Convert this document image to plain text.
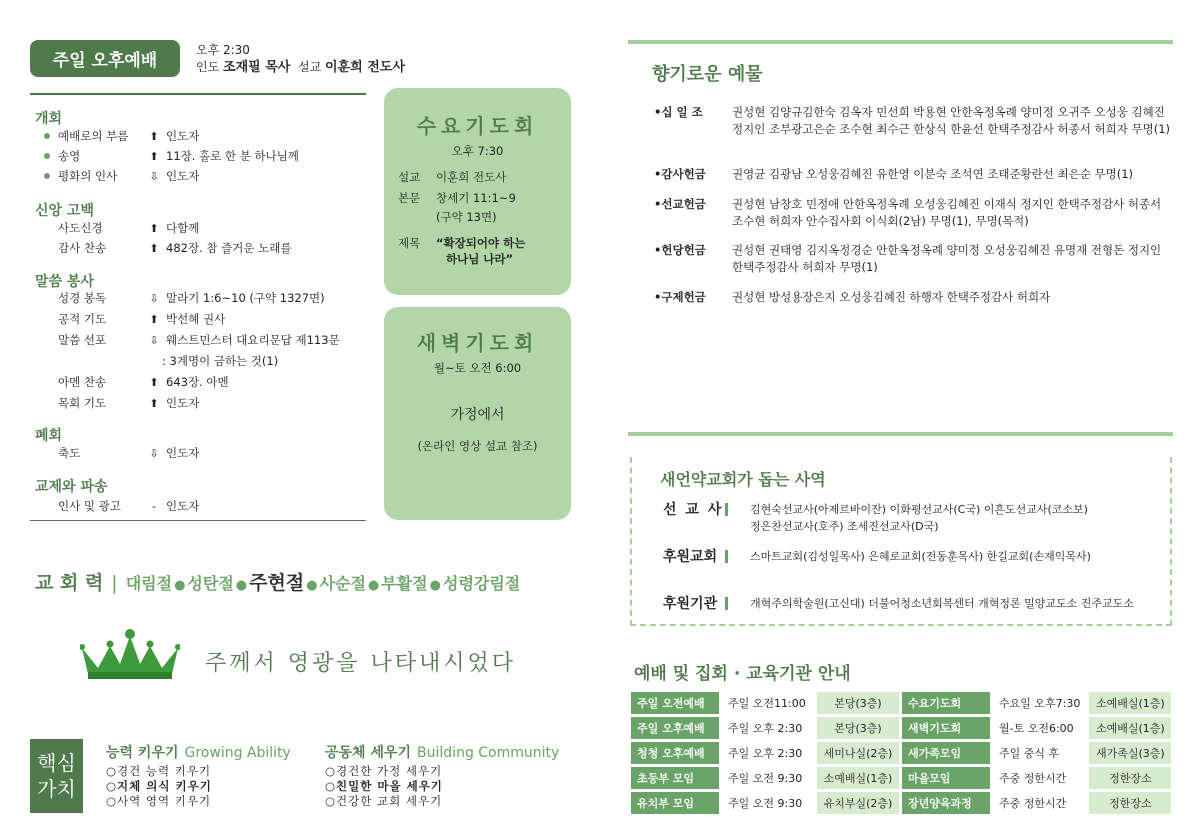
주일 오후예배
오후 2:30
인도 조재필 목사 설교 이훈희 전도사
개회
예배로의 부름	⬆ 인도자
송영	⬆ 11장. 홀로 한 분 하나님께
평화의 인사	⇩ 인도자
신앙 고백
사도신경	⬆ 다함께
감사 찬송	⬆ 482장. 참 즐거운 노래를
말씀 봉사
성경 봉독	⇩ 말라기 1:6~10 (구약 1327면)
공적 기도	⬆ 박선혜 권사
말씀 선포	⇩ 웨스트민스터 대요리문답 제113문
: 3계명이 금하는 것(1)
아멘 찬송	⬆ 643장. 아멘
목회 기도	⬆ 인도자
폐회
축도	⇩ 인도자
교제와 파송
인사 및 광고	- 인도자
수요기도회
오후 7:30
설교 이훈희 전도사
본문 창세기 11:1~9
(구약 13면)
제목 “확장되어야 하는
하나님 나라”
새벽기도회
월~토 오전 6:00
가정에서
(온라인 영상 설교 참조)
향기로운 예물
•십 일 조	권성현 김양규김한숙 김옥자 민선희 박용현 안한옥정옥례 양미정 오귀주 오성웅 김혜진 정지인 조부광고은순 조수현 최수근 한상식 한윤선 한택주정감사 허종서 허희자 무명(1)
•감사헌금	권영균 김광남 오성웅김혜진 유한영 이분숙 조석연 조태준황란선 최은순 무명(1)
•선교헌금	권성현 남창호 민정애 안한옥정옥례 오성웅김혜진 이재식 정지인 한택주정감사 허종서 조수현 허희자 안수집사회 이식회(2남) 무명(1), 무명(목적)
•헌당헌금	권성현 권태영 김지옥정경순 안한옥정옥례 양미정 오성웅김혜진 유명재 전형돈 정지인 한택주정감사 허희자 무명(1)
•구제헌금	권성현 방성용장은지 오성웅김혜진 하행자 한택주정감사 허희자
새언약교회가 돕는 사역
선 교 사 김현숙선교사(아제르바이잔) 이화평선교사(C국) 이흔도선교사(코소보)
정은찬선교사(호주) 조세진선교사(D국)
후원교회	스마트교회(김성일목사) 은혜로교회(전동훈목사) 한길교회(손재익목사)
후원기관	개혁주의학술원(고신대) 더불어청소년회복센터 개혁정론 밀양교도소 진주교도소
예배 및 집회 · 교육기관 안내
주일 오전예배	주일 오전11:00	본당(3층)	수요기도회	수요일 오후7:30	소예배실(1층)
주일 오후예배	주일 오후 2:30	본당(3층)	새벽기도회	월-토 오전6:00	소예배실(1층)
청청 오후예배	주일 오후 2:30	세미나실(2층)	새가족모임	주일 중식 후	새가족실(3층)
초등부 모임	주일 오전 9:30	소예배실(1층)	마을모임	주중 정한시간	정한장소
유치부 모임	주일 오전 9:30	유치부실(2층)	장년양육과정	주중 정한시간	정한장소
교 회 력 | 대림절 ● 성탄절 ● 주현절 ● 사순절 ● 부활절 ● 성령강림절
주께서 영광을 나타내시었다
핵심
가치
능력 키우기 Growing Ability
○경건 능력 키우기
○지체 의식 키우기
○사역 영역 키우기
공동체 세우기 Building Community
○경건한 가정 세우기
○친밀한 마을 세우기
○건강한 교회 세우기
